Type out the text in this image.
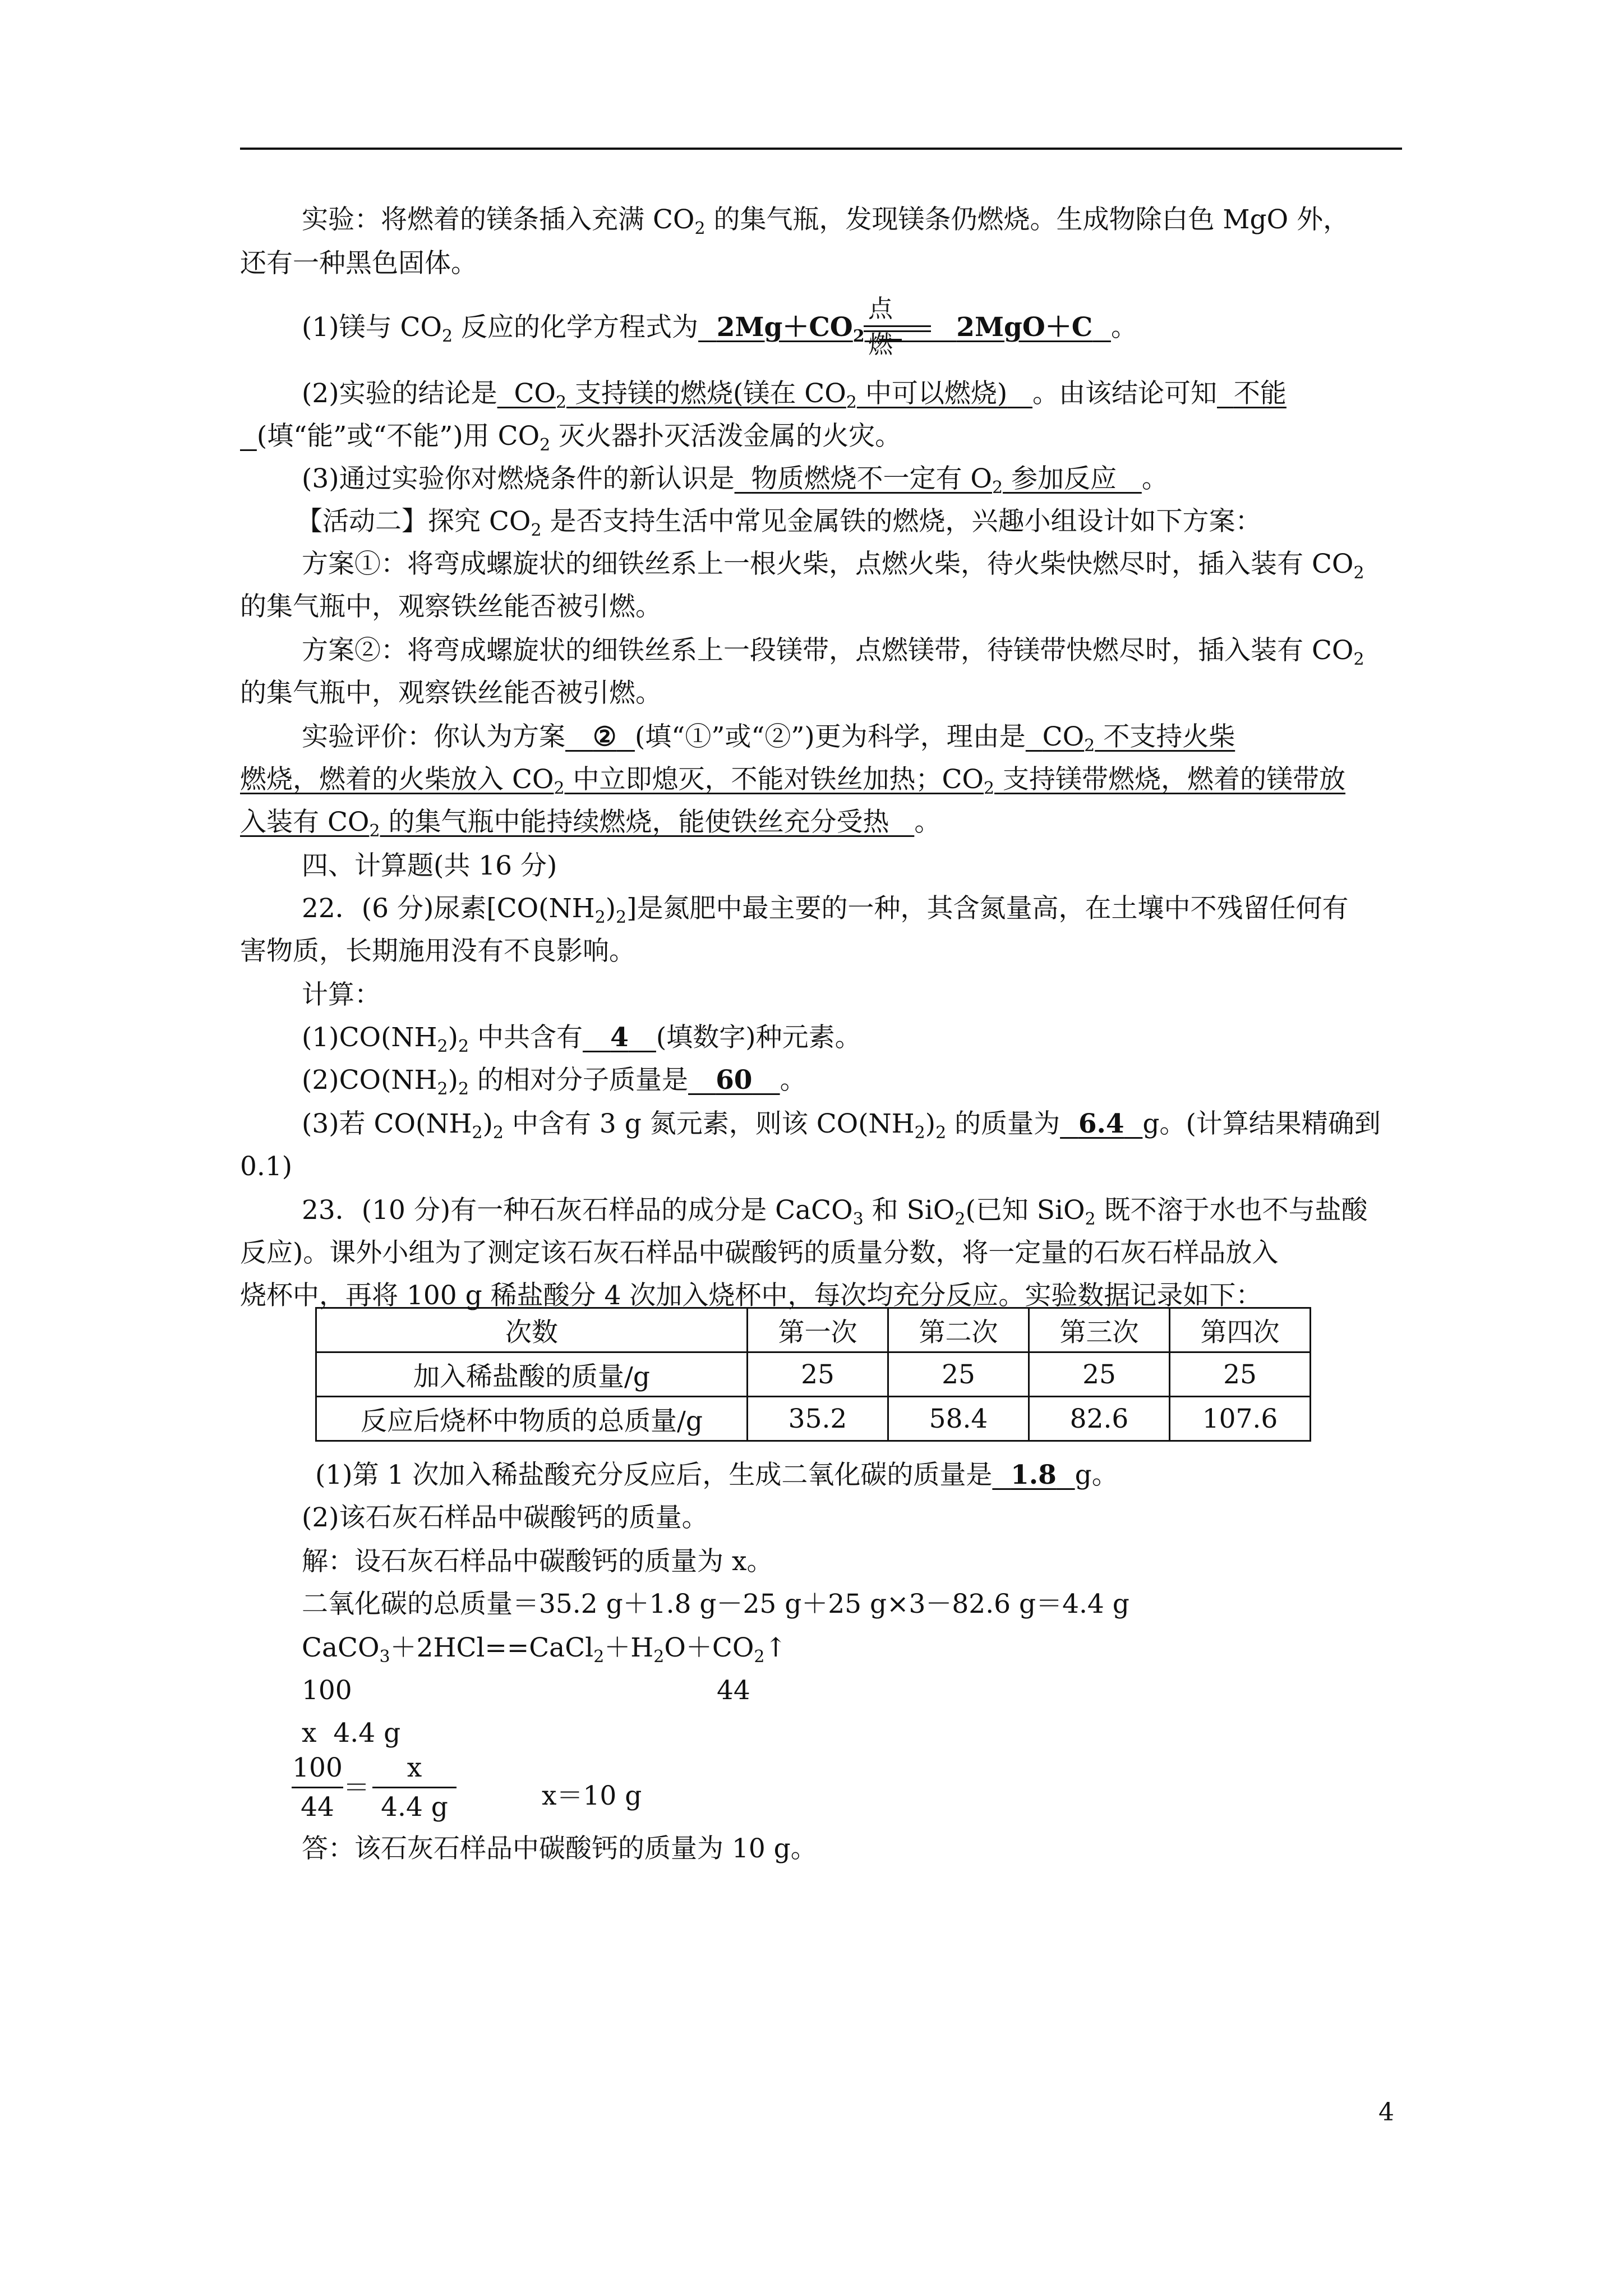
实验：将燃着的镁条插入充满 $CO_2$ 的集气瓶，发现镁条仍燃烧。生成物除白色 MgO 外，
还有一种黑色固体。
(1)镁与 $CO_2$ 反应的化学方程式为 $2Mg+CO_2$	2MgO＋C 。
点燃
(2)实验的结论是 $CO_2$ 支持镁的燃烧(镁在 $CO_2$ 中可以燃烧) 。由该结论可知 不能
(填“能”或“不能”)用 $CO_2$ 灭火器扑灭活泼金属的火灾。
(3)通过实验你对燃烧条件的新认识是 物质燃烧不一定有 $O_2$ 参加反应 。
【活动二】探究 $CO_2$ 是否支持生活中常见金属铁的燃烧，兴趣小组设计如下方案：
方案①：将弯成螺旋状的细铁丝系上一根火柴，点燃火柴，待火柴快燃尽时，插入装有 $CO_2$
的集气瓶中，观察铁丝能否被引燃。
方案②：将弯成螺旋状的细铁丝系上一段镁带，点燃镁带，待镁带快燃尽时，插入装有 $CO_2$
的集气瓶中，观察铁丝能否被引燃。
实验评价：你认为方案 ② (填“①”或“②”)更为科学，理由是 $CO_2$ 不支持火柴
燃烧，燃着的火柴放入 $CO_2$ 中立即熄灭，不能对铁丝加热；$CO_2$ 支持镁带燃烧，燃着的镁带放
入装有 $CO_2$ 的集气瓶中能持续燃烧，能使铁丝充分受热 。
四、计算题(共 16 分)
22．(6 分)尿素$[CO(NH_2)_2]$是氮肥中最主要的一种，其含氮量高，在土壤中不残留任何有
害物质，长期施用没有不良影响。
计算：
$(1)CO(NH_2)_2$ 中共含有 4 (填数字)种元素。
$(2)CO(NH_2)_2$ 的相对分子质量是 60 。
(3)若 $CO(NH_2)_2$ 中含有 3 g 氮元素，则该 $CO(NH_2)_2$ 的质量为 6.4 g。(计算结果精确到
0.1)
23．(10 分)有一种石灰石样品的成分是 CaCO$_3$ 和 SiO$_2$(已知 SiO$_2$ 既不溶于水也不与盐酸
反应)。课外小组为了测定该石灰石样品中碳酸钙的质量分数，将一定量的石灰石样品放入
烧杯中，再将 100 g 稀盐酸分 4 次加入烧杯中，每次均充分反应。实验数据记录如下：
次数	第一次	第二次	第三次	第四次
加入稀盐酸的质量/g	25	25	25	25
反应后烧杯中物质的总质量/g	35.2	58.4	82.6	107.6
(1)第 1 次加入稀盐酸充分反应后，生成二氧化碳的质量是 1.8 g。
(2)该石灰石样品中碳酸钙的质量。
解：设石灰石样品中碳酸钙的质量为 x。
二氧化碳的总质量＝35.2 g＋1.8 g－25 g＋25 g×3－82.6 g＝4.4 g
$CaCO_3+2HCl==CaCl_2+H_2O+CO_2↑$
100	44
x 4.4 g
100
44
＝
x
4.4 g	x＝10 g
答：该石灰石样品中碳酸钙的质量为 10 g。
4
